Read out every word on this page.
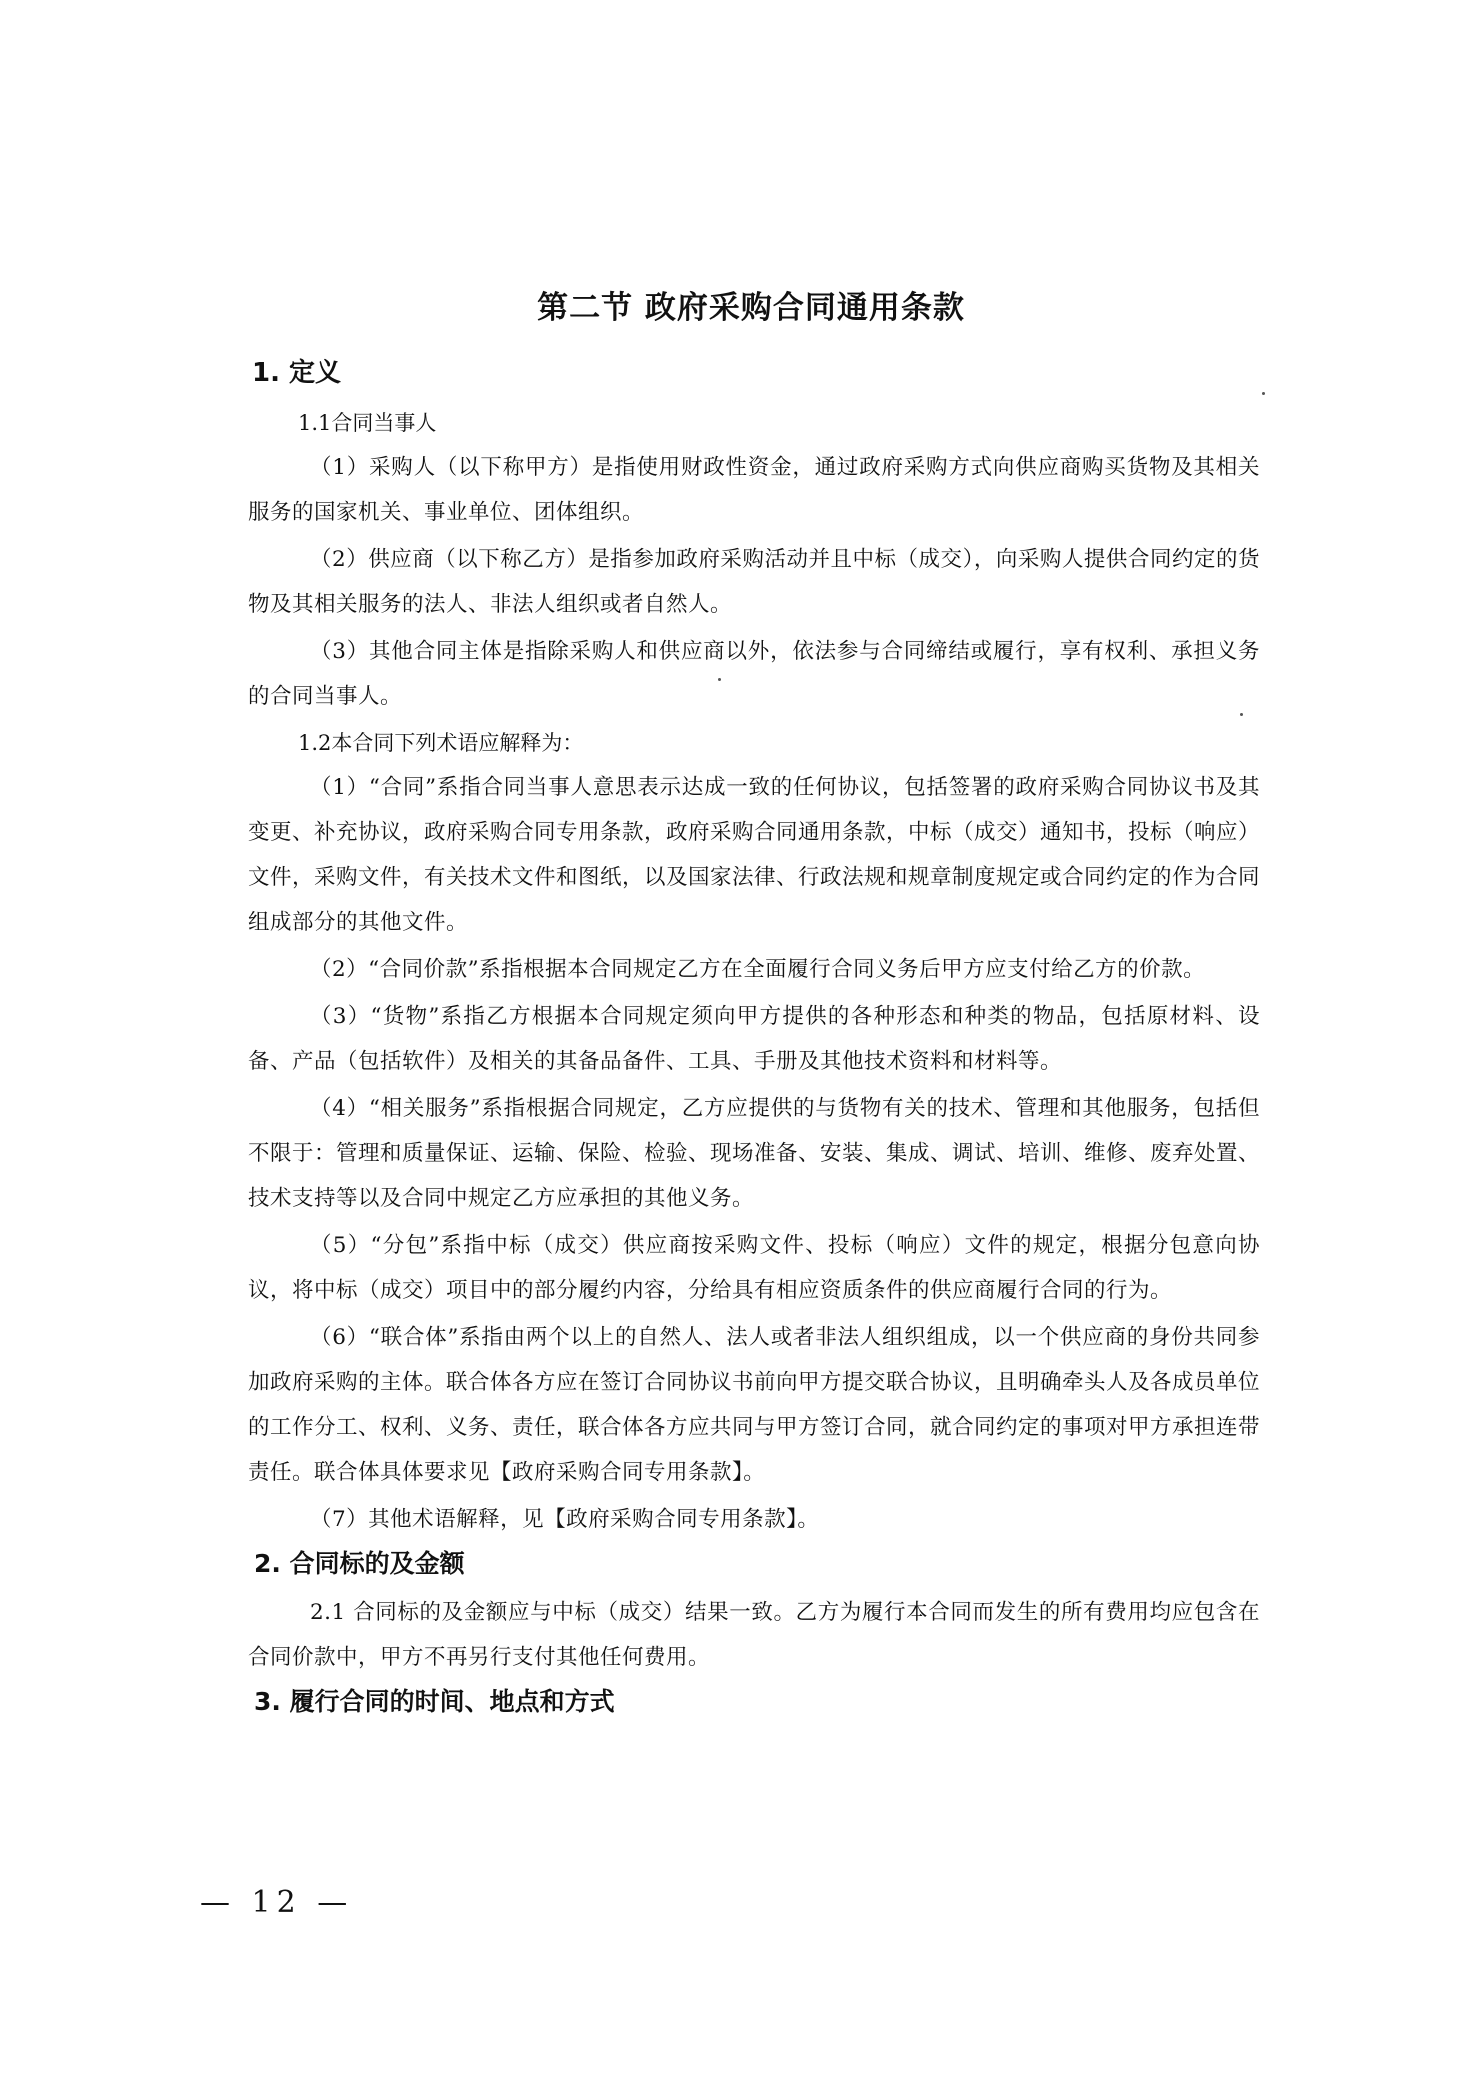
第二节 政府采购合同通用条款
1. 定义
1.1合同当事人

（1）采购人（以下称甲方）是指使用财政性资金，通过政府采购方式向供应商购买货物及其相关服务的国家机关、事业单位、团体组织。

（2）供应商（以下称乙方）是指参加政府采购活动并且中标（成交），向采购人提供合同约定的货物及其相关服务的法人、非法人组织或者自然人。

（3）其他合同主体是指除采购人和供应商以外，依法参与合同缔结或履行，享有权利、承担义务的合同当事人。

1.2本合同下列术语应解释为：

（1）“合同”系指合同当事人意思表示达成一致的任何协议，包括签署的政府采购合同协议书及其变更、补充协议，政府采购合同专用条款，政府采购合同通用条款，中标（成交）通知书，投标（响应）文件，采购文件，有关技术文件和图纸，以及国家法律、行政法规和规章制度规定或合同约定的作为合同组成部分的其他文件。

（2）“合同价款”系指根据本合同规定乙方在全面履行合同义务后甲方应支付给乙方的价款。

（3）“货物”系指乙方根据本合同规定须向甲方提供的各种形态和种类的物品，包括原材料、设备、产品（包括软件）及相关的其备品备件、工具、手册及其他技术资料和材料等。

（4）“相关服务”系指根据合同规定，乙方应提供的与货物有关的技术、管理和其他服务，包括但不限于：管理和质量保证、运输、保险、检验、现场准备、安装、集成、调试、培训、维修、废弃处置、技术支持等以及合同中规定乙方应承担的其他义务。

（5）“分包”系指中标（成交）供应商按采购文件、投标（响应）文件的规定，根据分包意向协议，将中标（成交）项目中的部分履约内容，分给具有相应资质条件的供应商履行合同的行为。

（6）“联合体”系指由两个以上的自然人、法人或者非法人组织组成，以一个供应商的身份共同参加政府采购的主体。联合体各方应在签订合同协议书前向甲方提交联合协议，且明确牵头人及各成员单位的工作分工、权利、义务、责任，联合体各方应共同与甲方签订合同，就合同约定的事项对甲方承担连带责任。联合体具体要求见【政府采购合同专用条款】。

（7）其他术语解释，见【政府采购合同专用条款】。

2. 合同标的及金额

2.1 合同标的及金额应与中标（成交）结果一致。乙方为履行本合同而发生的所有费用均应包含在合同价款中，甲方不再另行支付其他任何费用。

3. 履行合同的时间、地点和方式
— 12 —
